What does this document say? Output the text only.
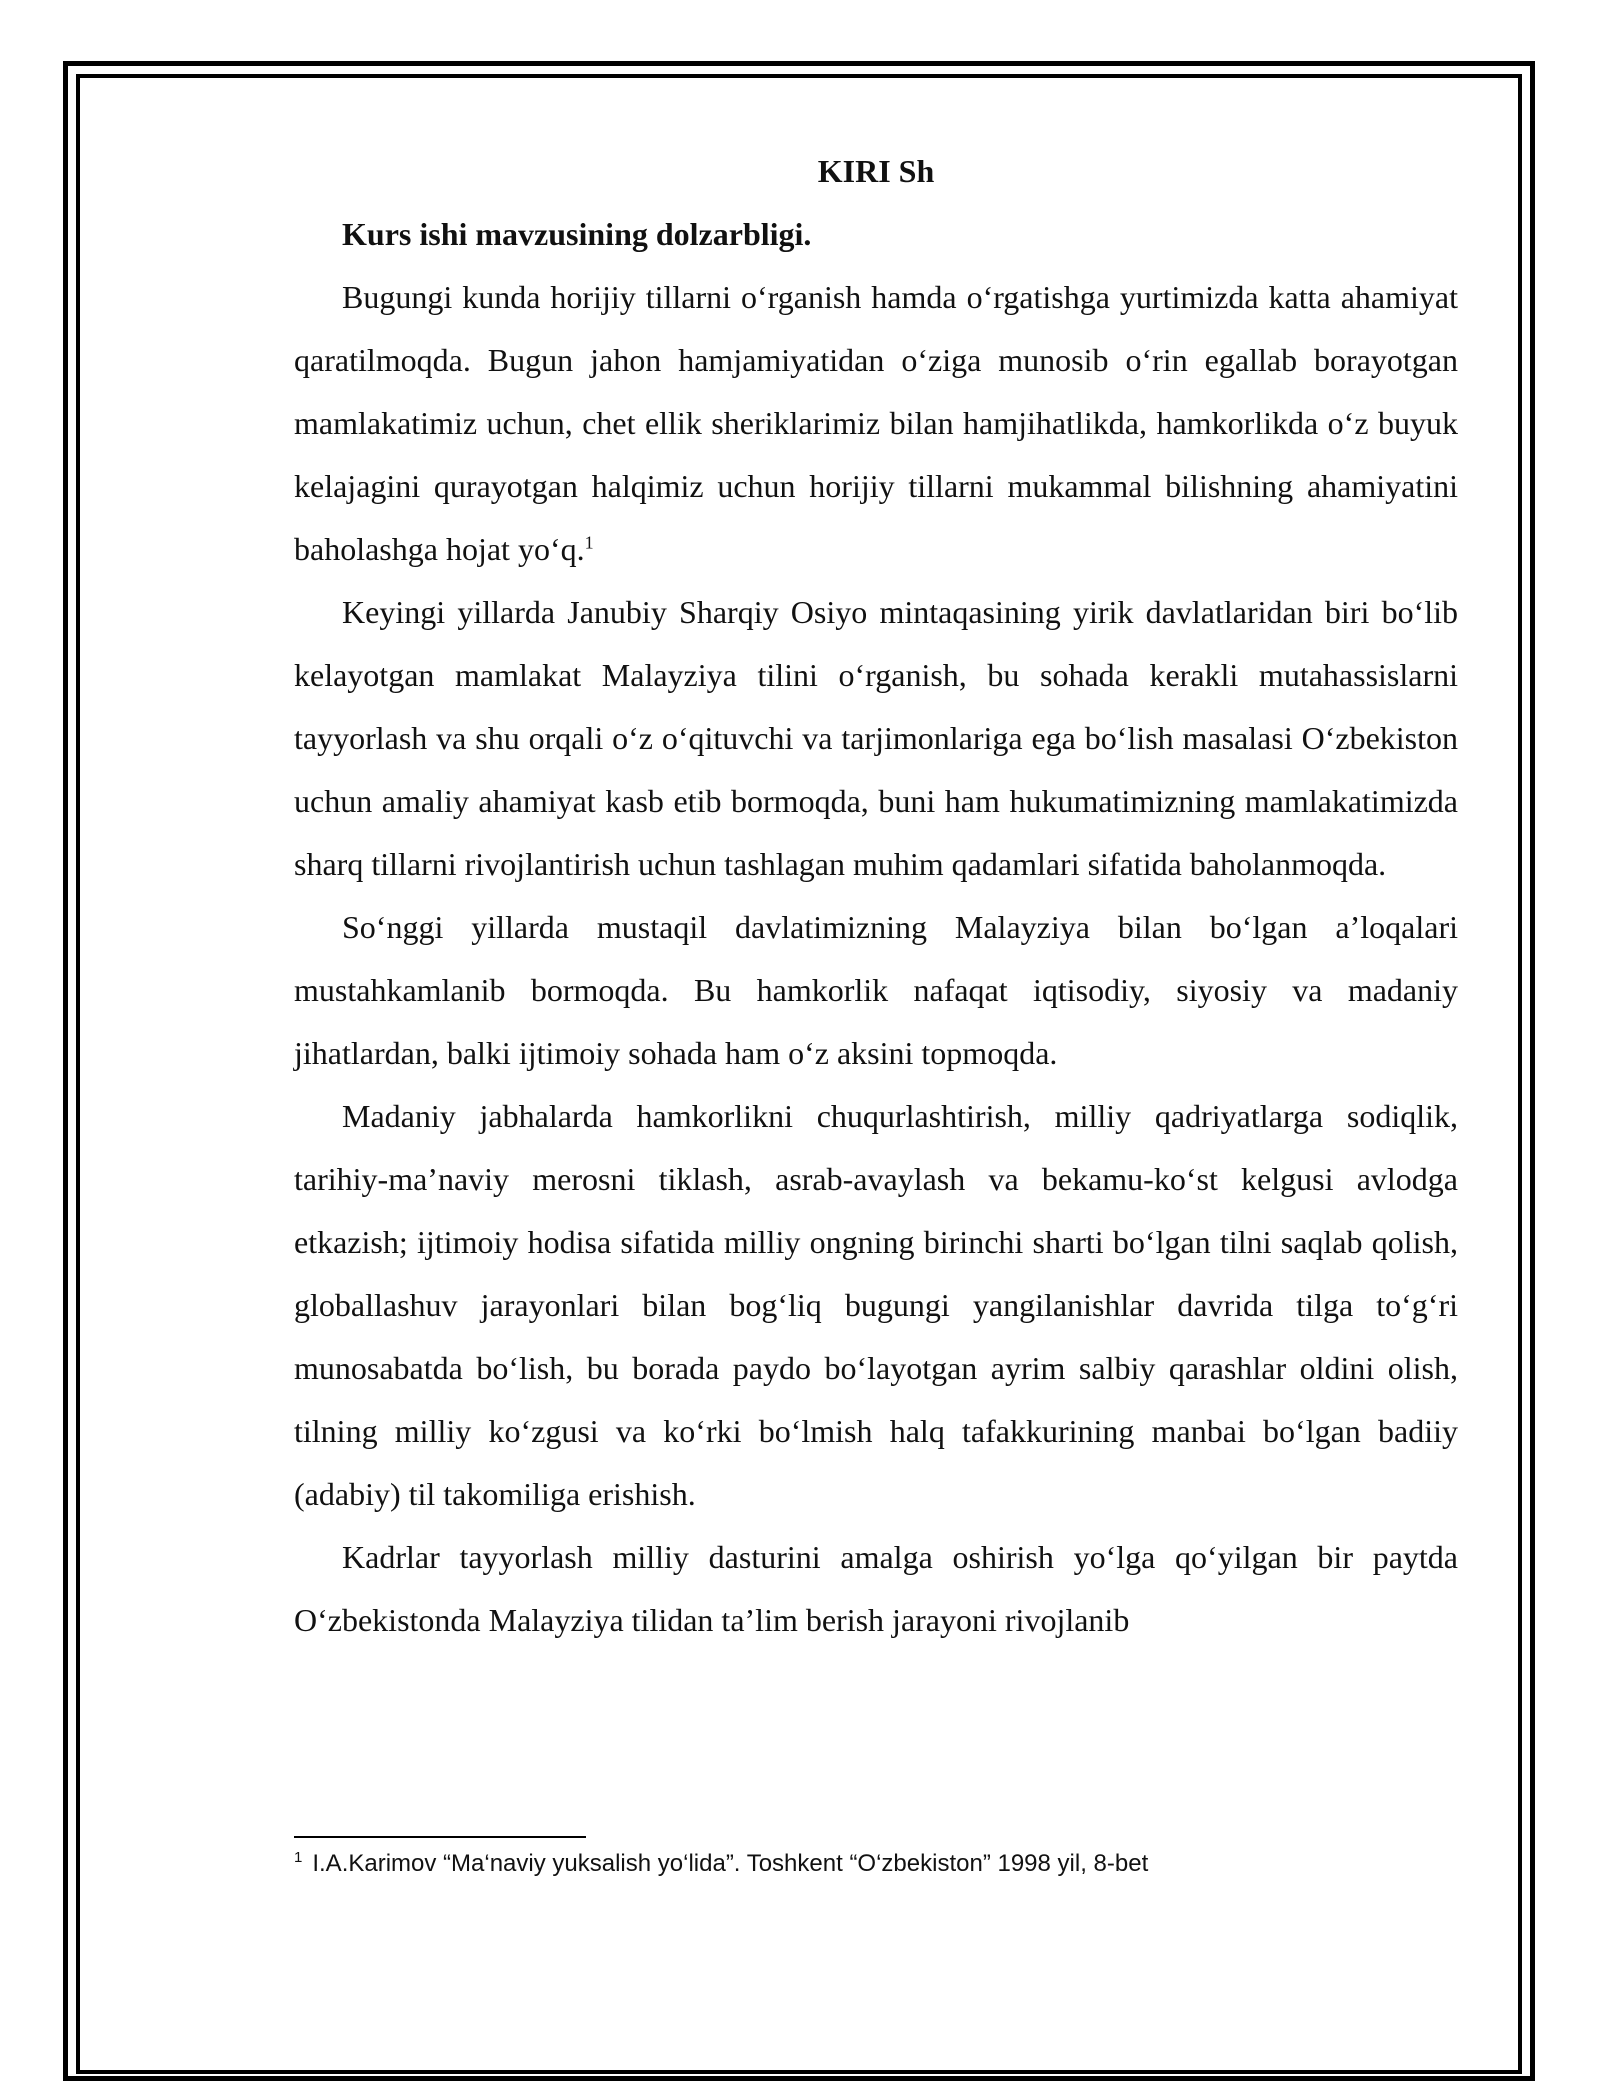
KIRI Sh
Kurs ishi mavzusining dolzarbligi.

Bugungi kunda horijiy tillarni o‘rganish hamda o‘rgatishga yurtimizda katta ahamiyat qaratilmoqda. Bugun jahon hamjamiyatidan o‘ziga munosib o‘rin egallab borayotgan mamlakatimiz uchun, chet ellik sheriklarimiz bilan hamjihatlikda, hamkorlikda o‘z buyuk kelajagini qurayotgan halqimiz uchun horijiy tillarni mukammal bilishning ahamiyatini baholashga hojat yo‘q.$^1$

Keyingi yillarda Janubiy Sharqiy Osiyo mintaqasining yirik davlatlaridan biri bo‘lib kelayotgan mamlakat Malayziya tilini o‘rganish, bu sohada kerakli mutahassislarni tayyorlash va shu orqali o‘z o‘qituvchi va tarjimonlariga ega bo‘lish masalasi O‘zbekiston uchun amaliy ahamiyat kasb etib bormoqda, buni ham hukumatimizning mamlakatimizda sharq tillarni rivojlantirish uchun tashlagan muhim qadamlari sifatida baholanmoqda.

So‘nggi yillarda mustaqil davlatimizning Malayziya bilan bo‘lgan a’loqalari mustahkamlanib bormoqda. Bu hamkorlik nafaqat iqtisodiy, siyosiy va madaniy jihatlardan, balki ijtimoiy sohada ham o‘z aksini topmoqda.

Madaniy jabhalarda hamkorlikni chuqurlashtirish, milliy qadriyatlarga sodiqlik, tarihiy-ma’naviy merosni tiklash, asrab-avaylash va bekamu-ko‘st kelgusi avlodga etkazish; ijtimoiy hodisa sifatida milliy ongning birinchi sharti bo‘lgan tilni saqlab qolish, globallashuv jarayonlari bilan bog‘liq bugungi yangilanishlar davrida tilga to‘g‘ri munosabatda bo‘lish, bu borada paydo bo‘layotgan ayrim salbiy qarashlar oldini olish, tilning milliy ko‘zgusi va ko‘rki bo‘lmish halq tafakkurining manbai bo‘lgan badiiy (adabiy) til takomiliga erishish.

Kadrlar tayyorlash milliy dasturini amalga oshirish yo‘lga qo‘yilgan bir paytda O‘zbekistonda Malayziya tilidan ta’lim berish jarayoni rivojlanib

$^1$ I.A.Karimov “Ma‘naviy yuksalish yo‘lida”. Toshkent “O‘zbekiston” 1998 yil, 8-bet
